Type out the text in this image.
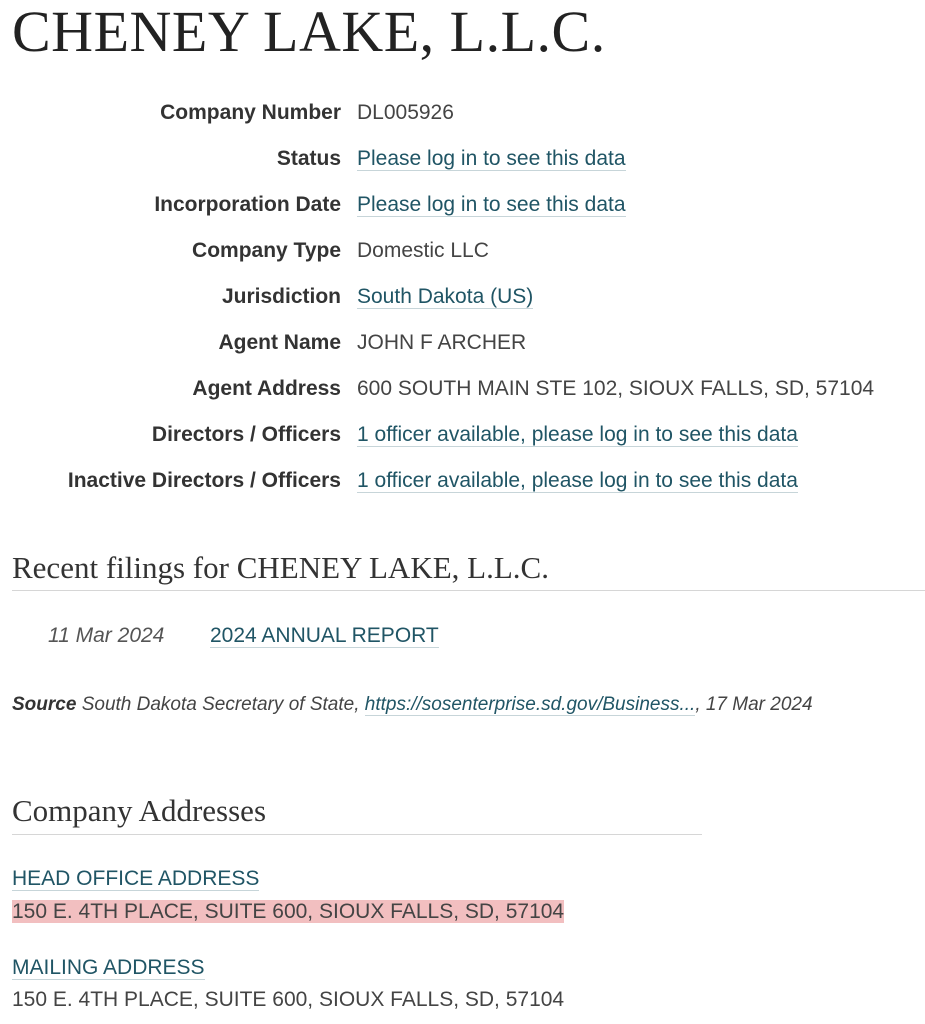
CHENEY LAKE, L.L.C.
Company Number DL005926
Status Please log in to see this data
Incorporation Date Please log in to see this data
Company Type Domestic LLC
Jurisdiction South Dakota (US)
Agent Name JOHN F ARCHER
Agent Address 600 SOUTH MAIN STE 102, SIOUX FALLS, SD, 57104
Directors / Officers 1 officer available, please log in to see this data
Inactive Directors / Officers 1 officer available, please log in to see this data
Recent filings for CHENEY LAKE, L.L.C.
11 Mar 2024 2024 ANNUAL REPORT
Source South Dakota Secretary of State, https://sosenterprise.sd.gov/Business..., 17 Mar 2024
Company Addresses
HEAD OFFICE ADDRESS
150 E. 4TH PLACE, SUITE 600, SIOUX FALLS, SD, 57104
MAILING ADDRESS
150 E. 4TH PLACE, SUITE 600, SIOUX FALLS, SD, 57104
